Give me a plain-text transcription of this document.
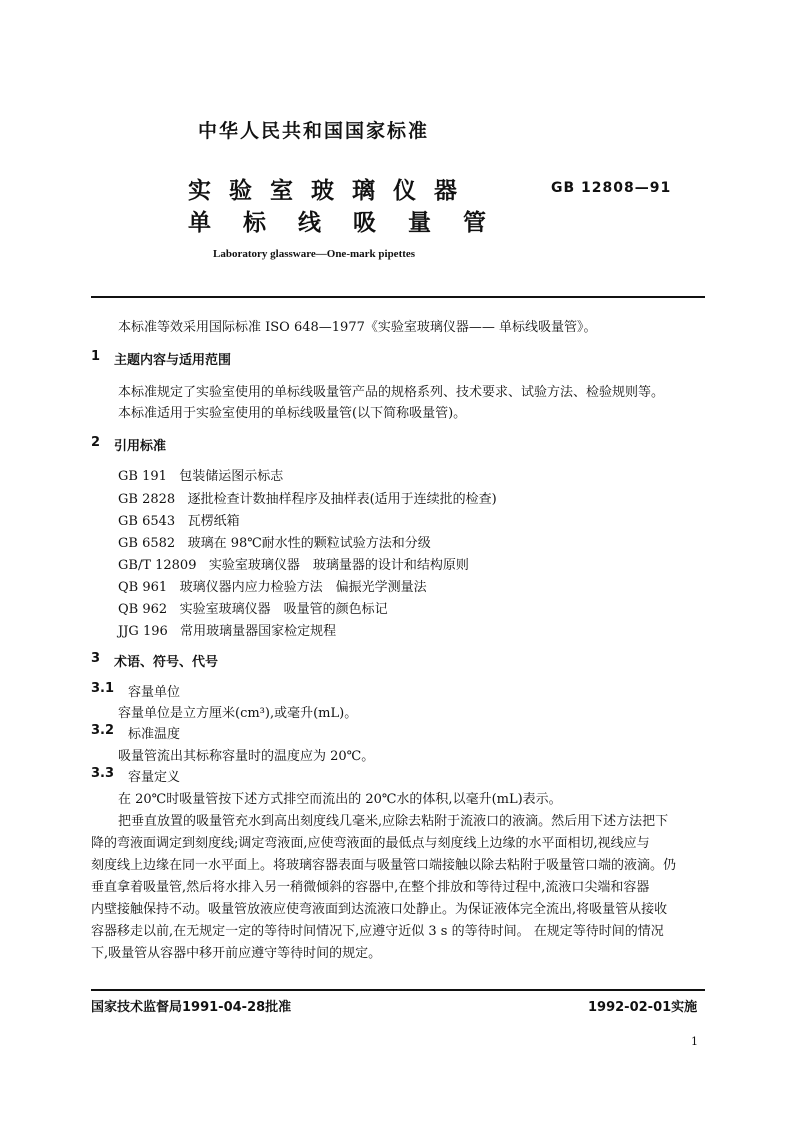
中华人民共和国国家标准
实验室玻璃仪器	GB 12808—91
单标线吸量管
Laboratory glassware—One-mark pipettes
本标准等效采用国际标准 ISO 648—1977《实验室玻璃仪器—— 单标线吸量管》。
1 主题内容与适用范围
本标准规定了实验室使用的单标线吸量管产品的规格系列、技术要求、试验方法、检验规则等。
本标准适用于实验室使用的单标线吸量管(以下简称吸量管)。
2 引用标准
GB 191 包装储运图示标志
GB 2828 逐批检查计数抽样程序及抽样表(适用于连续批的检查)
GB 6543 瓦楞纸箱
GB 6582 玻璃在 98℃耐水性的颗粒试验方法和分级
GB/T 12809 实验室玻璃仪器　玻璃量器的设计和结构原则
QB 961 玻璃仪器内应力检验方法　偏振光学测量法
QB 962 实验室玻璃仪器　吸量管的颜色标记
JJG 196 常用玻璃量器国家检定规程
3 术语、符号、代号
3.1 容量单位
容量单位是立方厘米(cm³),或毫升(mL)。
3.2 标准温度
吸量管流出其标称容量时的温度应为 20℃。
3.3 容量定义
在 20℃时吸量管按下述方式排空而流出的 20℃水的体积,以毫升(mL)表示。
把垂直放置的吸量管充水到高出刻度线几毫米,应除去粘附于流液口的液滴。然后用下述方法把下
降的弯液面调定到刻度线;调定弯液面,应使弯液面的最低点与刻度线上边缘的水平面相切,视线应与
刻度线上边缘在同一水平面上。将玻璃容器表面与吸量管口端接触以除去粘附于吸量管口端的液滴。仍
垂直拿着吸量管,然后将水排入另一稍微倾斜的容器中,在整个排放和等待过程中,流液口尖端和容器
内壁接触保持不动。吸量管放液应使弯液面到达流液口处静止。为保证液体完全流出,将吸量管从接收
容器移走以前,在无规定一定的等待时间情况下,应遵守近似 3 s 的等待时间。 在规定等待时间的情况
下,吸量管从容器中移开前应遵守等待时间的规定。
国家技术监督局1991-04-28批准	1992-02-01实施
1
